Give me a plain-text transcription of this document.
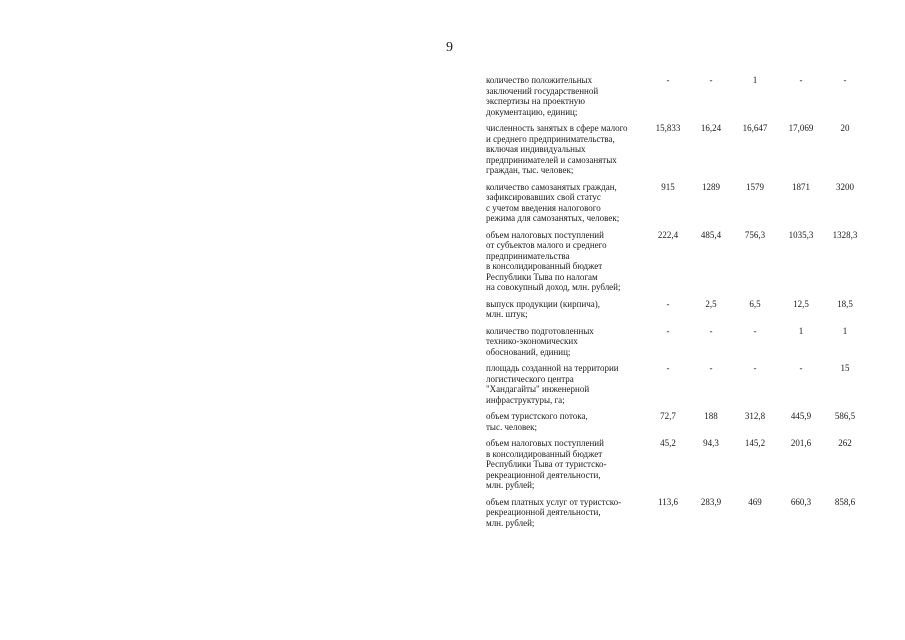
9
количество положительных
заключений государственной
экспертизы на проектную
документацию, единиц;
-	-	1	-	-
численность занятых в сфере малого
и среднего предпринимательства,
включая индивидуальных
предпринимателей и самозанятых
граждан, тыс. человек;
15,833	16,24	16,647	17,069	20
количество самозанятых граждан,
зафиксировавших свой статус
с учетом введения налогового
режима для самозанятых, человек;
915	1289	1579	1871	3200
объем налоговых поступлений
от субъектов малого и среднего
предпринимательства
в консолидированный бюджет
Республики Тыва по налогам
на совокупный доход, млн. рублей;
222,4	485,4	756,3	1035,3	1328,3
выпуск продукции (кирпича),
млн. штук;
-	2,5	6,5	12,5	18,5
количество подготовленных
технико-экономических
обоснований, единиц;
-	-	-	1	1
площадь созданной на территории
логистического центра
"Хандагайты" инженерной
инфраструктуры, га;
-	-	-	-	15
объем туристского потока,
тыс. человек;
72,7	188	312,8	445,9	586,5
объем налоговых поступлений
в консолидированный бюджет
Республики Тыва от туристско-
рекреационной деятельности,
млн. рублей;
45,2	94,3	145,2	201,6	262
объем платных услуг от туристско-
рекреационной деятельности,
млн. рублей;
113,6	283,9	469	660,3	858,6
